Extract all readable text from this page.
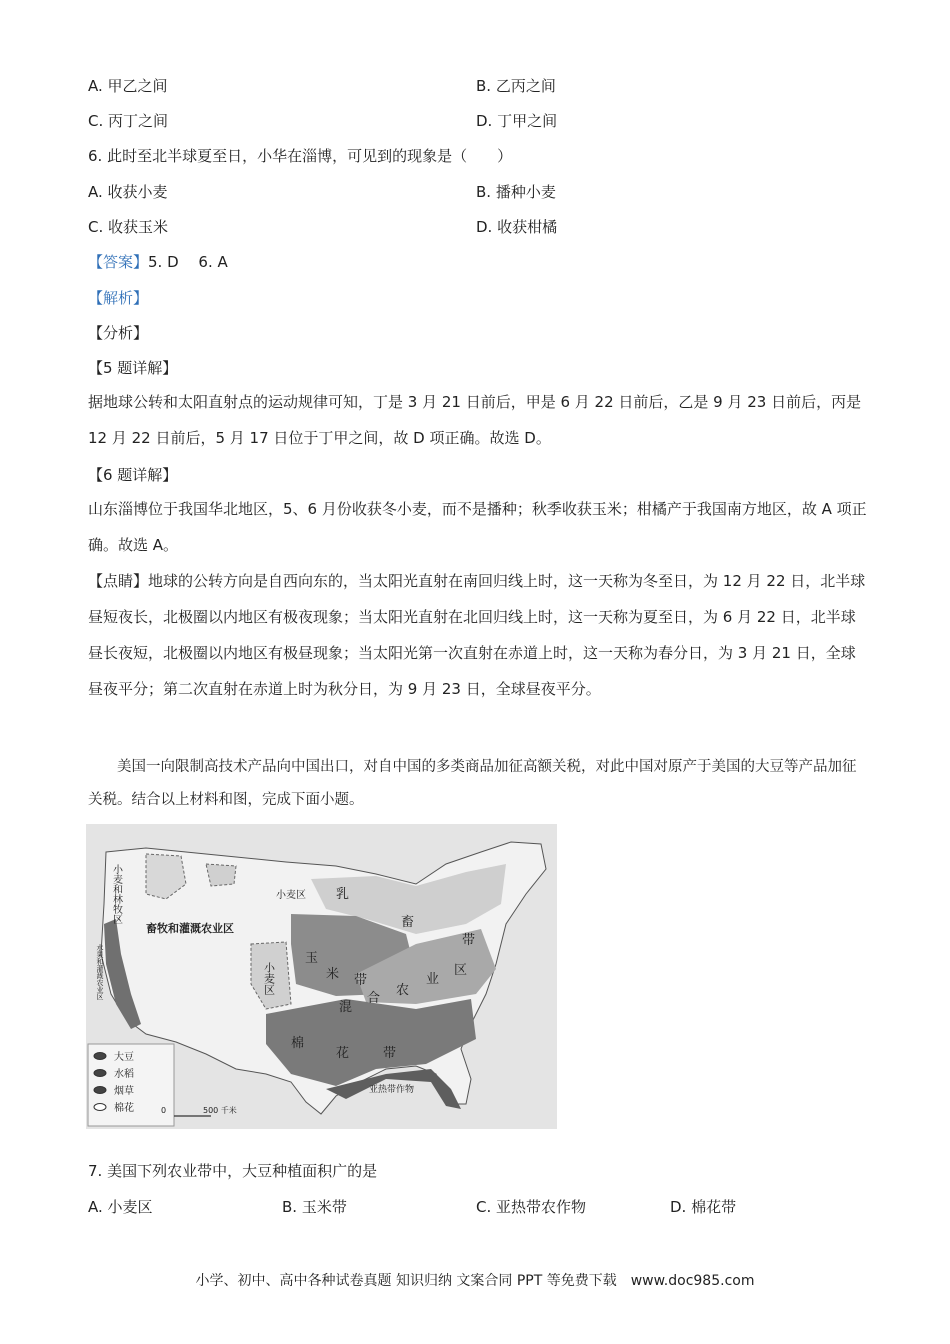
A. 甲乙之间	B. 乙丙之间
C. 丙丁之间	D. 丁甲之间
6. 此时至北半球夏至日，小华在淄博，可见到的现象是（　　）
A. 收获小麦	B. 播种小麦
C. 收获玉米	D. 收获柑橘
【答案】5. D　 6. A
【解析】
【分析】
【5 题详解】
据地球公转和太阳直射点的运动规律可知，丁是 3 月 21 日前后，甲是 6 月 22 日前后，乙是 9 月 23 日前后，丙是 12 月 22 日前后，5 月 17 日位于丁甲之间，故 D 项正确。故选 D。
【6 题详解】
山东淄博位于我国华北地区，5、6 月份收获冬小麦，而不是播种；秋季收获玉米；柑橘产于我国南方地区，故 A 项正确。故选 A。
【点睛】地球的公转方向是自西向东的，当太阳光直射在南回归线上时，这一天称为冬至日，为 12 月 22 日，北半球昼短夜长，北极圈以内地区有极夜现象；当太阳光直射在北回归线上时，这一天称为夏至日，为 6 月 22 日，北半球昼长夜短，北极圈以内地区有极昼现象；当太阳光第一次直射在赤道上时，这一天称为春分日，为 3 月 21 日，全球昼夜平分；第二次直射在赤道上时为秋分日，为 9 月 23 日，全球昼夜平分。
美国一向限制高技术产品向中国出口，对自中国的多类商品加征高额关税，对此中国对原产于美国的大豆等产品加征关税。结合以上材料和图，完成下面小题。
小麦和林牧区
水果和灌溉农业区
畜牧和灌溉农业区
小麦区
小麦区
乳
畜
带
玉
米 带
混
合
农
业
区
棉
花	带
亚热带作物
大豆
水稻
烟草
棉花	0	500 千米
7. 美国下列农业带中，大豆种植面积广的是
A. 小麦区	B. 玉米带	C. 亚热带农作物	D. 棉花带
小学、初中、高中各种试卷真题 知识归纳 文案合同 PPT 等免费下载　www.doc985.com
